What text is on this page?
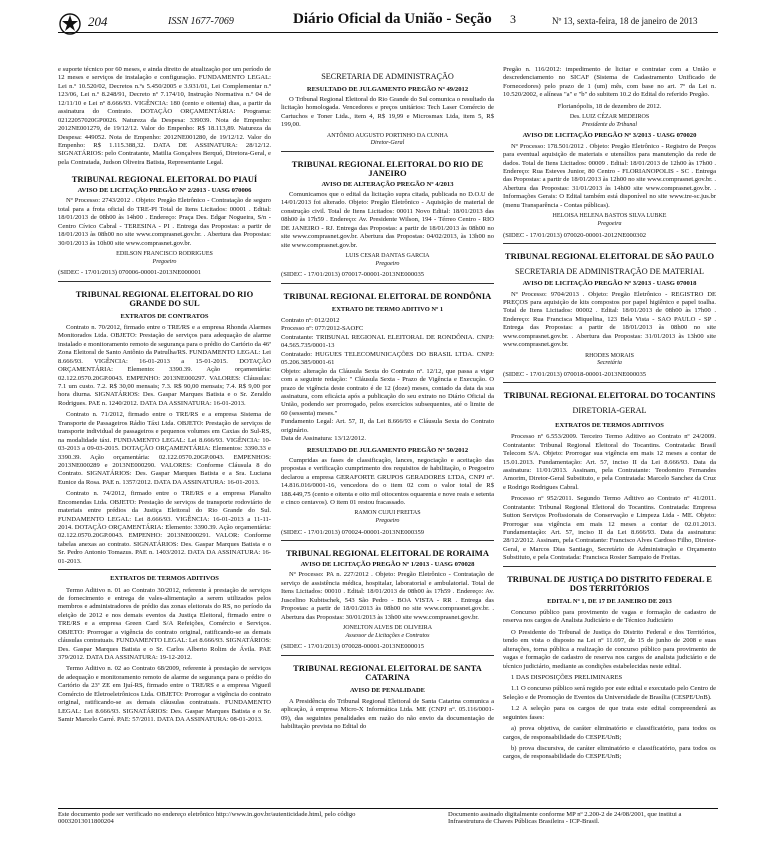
204	ISSN 1677-7069	Diário Oficial da União - Seção 3	Nº 13, sexta-feira, 18 de janeiro de 2013

e suporte técnico por 60 meses, e ainda direito de atualização por um período de 12 meses e serviços de instalação e configuração. FUNDAMENTO LEGAL: Lei n.º 10.520/02, Decretos n.ºs 5.450/2005 e 3.931/01, Lei Complementar n.º 123/06, Lei n.º 8.248/91, Decreto nº 7.174/10, Instrução Normativa n.º 04 de 12/11/10 e Lei nº 8.666/93. VIGÊNCIA: 180 (cento e oitenta) dias, a partir da assinatura do Contrato. DOTAÇÃO ORÇAMENTÁRIA: Programa: 02122057020GP0026. Natureza da Despesa: 339039. Nota de Empenho: 2012NE001279, de 19/12/12. Valor do Empenho: R$ 18.113,89. Natureza da Despesa: 449052. Nota de Empenho: 2012NE001280, de 19/12/12. Valor do Empenho: R$ 1.115.388,32. DATA DE ASSINATURA: 28/12/12. SIGNATÁRIOS: pelo Contratante, Matilia Gonçalves Berquó, Diretora-Geral, e pela Contratada, Judson Oliveira Batista, Representante Legal.

TRIBUNAL REGIONAL ELEITORAL DO PIAUÍ
AVISO DE LICITAÇÃO PREGÃO Nº 2/2013 - UASG 070006

Nº Processo: 2743/2012 . Objeto: Pregão Eletrônico - Contratação de seguro total para a frota oficial do TRE-PI Total de Itens Licitados: 00001 . Edital: 18/01/2013 de 08h00 às 14h00 . Endereço: Praça Des. Edgar Nogueira, S/n - Centro Cívico Cabral - TERESINA - PI . Entrega das Propostas: a partir de 18/01/2013 às 08h00 no site www.comprasnet.gov.br. . Abertura das Propostas: 30/01/2013 às 10h00 site www.comprasnet.gov.br.

EDILSON FRANCISCO RODRIGUES
Pregoeiro

(SIDEC - 17/01/2013) 070006-00001-2013NE000001

TRIBUNAL REGIONAL ELEITORAL DO RIO GRANDE DO SUL
EXTRATOS DE CONTRATOS

Contrato n. 70/2012, firmado entre o TRE/RS e a empresa Rhonda Alarmes Monitorados Ltda. OBJETO: Prestação de serviços para adequação de alarme instalado e monitoramento remoto de segurança para o prédio do Cartório da 46ª Zona Eleitoral de Santo Antônio da Patrulha/RS. FUNDAMENTO LEGAL: Lei 8.666/93. VIGÊNCIA: 16-01-2013 a 15-01-2015. DOTAÇÃO ORÇAMENTÁRIA: Elemento: 3390.39. Ação orçamentária: 02.122.0570.20GP.0043. EMPENHO: 2013NE000297. VALORES: Cláusulas: 7.1 um custo. 7.2. R$ 30,00 mensais; 7.3. R$ 90,00 mensais; 7.4. R$ 9,00 por hora diurna. SIGNATÁRIOS: Des. Gaspar Marques Batista e o Sr. Zeraldo Rodrigues. PAE n. 1240/2012. DATA DA ASSINATURA: 16-01-2013.

Contrato n. 71/2012, firmado entre o TRE/RS e a empresa Sistema de Transporte de Passageiros Rádio Táxi Ltda. OBJETO: Prestação de serviços de transporte individual de passageiros e pequenos volumes em Caxias do Sul-RS, na modalidade táxi. FUNDAMENTO LEGAL: Lei 8.666/93. VIGÊNCIA: 10-03-2013 a 09-03-2015. DOTAÇÃO ORÇAMENTÁRIA: Elementos: 3390.33 e 3390.39. Ação orçamentária: 02.122.0570.20GP.0043. EMPENHOS: 2013NE000289 e 2013NE000290. VALORES: Conforme Cláusula 8 do Contrato. SIGNATÁRIOS: Des. Gaspar Marques Batista e a Sra. Luciana Eunice da Rosa. PAE n. 1357/2012. DATA DA ASSINATURA: 16-01-2013.

Contrato n. 74/2012, firmado entre o TRE/RS e a empresa Planalto Encomendas Ltda. OBJETO: Prestação de serviços de transporte rodoviário de materiais entre prédios da Justiça Eleitoral do Rio Grande do Sul. FUNDAMENTO LEGAL: Lei 8.666/93. VIGÊNCIA: 16-01-2013 a 11-11-2014. DOTAÇÃO ORÇAMENTÁRIA: Elemento: 3390.39. Ação orçamentária: 02.122.0570.20GP.0043. EMPENHO: 2013NE000291. VALOR: Conforme tabelas anexas ao contrato. SIGNATÁRIOS: Des. Gaspar Marques Batista e o Sr. Pedro Antonio Tomazus. PAE n. 1403/2012. DATA DA ASSINATURA: 16-01-2013.

EXTRATOS DE TERMOS ADITIVOS

Termo Aditivo n. 01 ao Contrato 30/2012, referente à prestação de serviços de fornecimento e entrega de vales-alimentação a serem utilizados pelos membros e administradores de prédio das zonas eleitorais do RS, no período da eleição de 2012 e nos demais eventos da Justiça Eleitoral, firmado entre o TRE/RS e a empresa Green Card S/A Refeições, Comércio e Serviços. OBJETO: Prorrogar a vigência do contrato original, ratificando-se as demais cláusulas contratuais. FUNDAMENTO LEGAL: Lei 8.666/93. SIGNATÁRIOS: Des. Gaspar Marques Batista e o Sr. Carlos Alberto Rolim de Ávila. PAE 379/2012. DATA DA ASSINATURA: 19-12-2012.

Termo Aditivo n. 02 ao Contrato 68/2009, referente à prestação de serviços de adequação e monitoramento remoto de alarme de segurança para o prédio do Cartório da 23ª ZE em Ijuí-RS, firmado entre o TRE/RS e a empresa Vigueil Comércio de Eletroeletrônicos Ltda. OBJETO: Prorrogar a vigência do contrato original, ratificando-se as demais cláusulas contratuais. FUNDAMENTO LEGAL: Lei 8.666/93. SIGNATÁRIOS: Des. Gaspar Marques Batista e o Sr. Samir Marcelo Carré. PAE: 57/2011. DATA DA ASSINATURA: 08-01-2013.

SECRETARIA DE ADMINISTRAÇÃO
RESULTADO DE JULGAMENTO PREGÃO Nº 49/2012

O Tribunal Regional Eleitoral do Rio Grande do Sul comunica o resultado da licitação homologada. Vencedores e preços unitários: Tech Laser Comércio de Cartuchos e Toner Ltda., item 4, R$ 19,99 e Microsmax Ltda, item 5, R$ 199,00.

ANTÔNIO AUGUSTO PORTINHO DA CUNHA
Diretor-Geral
TRIBUNAL REGIONAL ELEITORAL DO RIO DE JANEIRO
AVISO DE ALTERAÇÃO PREGÃO Nº 4/2013

Comunicamos que o edital da licitação supra citada, publicada no D.O.U de 14/01/2013 foi alterado. Objeto: Pregão Eletrônico - Aquisição de material de construção civil. Total de Itens Licitados: 00011 Novo Edital: 18/01/2013 das 08h00 às 17h59 . Endereço: Av. Presidente Wilson, 194 - Térreo Centro - RIO DE JANEIRO - RJ. Entrega das Propostas: a partir de 18/01/2013 às 08h00 no site www.comprasnet.gov.br. Abertura das Propostas: 04/02/2013, às 13h00 no site www.comprasnet.gov.br.

LUIS CESAR DANTAS GARCIA
Pregoeiro

(SIDEC - 17/01/2013) 070017-00001-2013NE000035

TRIBUNAL REGIONAL ELEITORAL DE RONDÔNIA
EXTRATO DE TERMO ADITIVO Nº 1

Contrato nº: 012/2012
Processo nº: 077/2012-SAOFC
Contratante: TRIBUNAL REGIONAL ELEITORAL DE RONDÔNIA. CNPJ: 04.565.735/0001-13
Contratado: HUGUES TELECOMUNICAÇÕES DO BRASIL LTDA. CNPJ: 05.206.385/0001-61
Objeto: alteração da Cláusula Sexta do Contrato nº. 12/12, que passa a vigar com a seguinte redação: " Cláusula Sexta - Prazo de Vigência e Execução. O prazo de vigência deste contrato é de 12 (doze) meses, contado da data da sua assinatura, com eficácia após a publicação do seu extrato no Diário Oficial da União, podendo ser prorrogado, pelos exercícios subsequentes, até o limite de 60 (sessenta) meses."
Fundamento Legal: Art. 57, II, da Lei 8.666/93 e Cláusula Sexta do Contrato originário.
Data de Assinatura: 13/12/2012.

RESULTADO DE JULGAMENTO PREGÃO Nº 50/2012

Cumpridas as fases de classificação, lances, negociação e aceitação das propostas e verificação cumprimento dos requisitos de habilitação, o Pregoeiro declarou a empresa GERAFORTE GRUPOS GERADORES LTDA, CNPJ nº. 14.816.016/0001-16, vencedora do o item 02 com o valor total de R$ 188.449,75 (cento e oitenta e oito mil oitocentos oquarenta e nove reais e setenta e cinco centavos). O item 01 restou fracassado.

RAMON CUJUI FREITAS
Pregoeiro

(SIDEC - 17/01/2013) 070024-00001-2013NE000359

TRIBUNAL REGIONAL ELEITORAL DE RORAIMA
AVISO DE LICITAÇÃO PREGÃO Nº 1/2013 - UASG 070028

Nº Processo: PA n. 227/2012 . Objeto: Pregão Eletrônico - Contratação de serviço de assistência médica, hospitalar, laboratorial e ambulatorial. Total de Itens Licitados: 00010 . Edital: 18/01/2013 de 08h00 às 17h59 . Endereço: Av. Juscelino Kubitschek, 543 São Pedro - BOA VISTA - RR . Entrega das Propostas: a partir de 18/01/2013 às 08h00 no site www.comprasnet.gov.br. . Abertura das Propostas: 30/01/2013 às 13h00 site www.comprasnet.gov.br.

JONELTON ALVES DE OLIVEIRA
Assessor de Licitações e Contratos

(SIDEC - 17/01/2013) 070028-00001-2013NE000015

TRIBUNAL REGIONAL ELEITORAL DE SANTA CATARINA
AVISO DE PENALIDADE

A Presidência do Tribunal Regional Eleitoral de Santa Catarina comunica a aplicação, à empresa Micro-X Informática Ltda. ME (CNPJ nº. 05.116/0001-09), das seguintes penalidades em razão do não envio da documentação de habilitação prevista no Edital do

Pregão n. 116/2012: impedimento de licitar e contratar com a União e descredenciamento no SICAF (Sistema de Cadastramento Unificado de Fornecedores) pelo prazo de 1 (um) mês, com base no art. 7º da Lei n. 10.520/2002, e alíneas "a" e "b" do subitem 10.2 do Edital do referido Pregão.

Florianópolis, 18 de dezembro de 2012.

Des. LUIZ CÉZAR MEDEIROS
Presidente do Tribunal
AVISO DE LICITAÇÃO PREGÃO Nº 3/2013 - UASG 070020

Nº Processo: 178.501/2012 . Objeto: Pregão Eletrônico - Registro de Preços para eventual aquisição de materiais e utensílios para manutenção da rede de dados. Total de Itens Licitados: 00009 . Edital: 18/01/2013 de 12h00 às 17h00 . Endereço: Rua Esteves Junior, 80 Centro - FLORIANOPOLIS - SC . Entrega das Propostas: a partir de 18/01/2013 às 12h00 no site www.comprasnet.gov.br. . Abertura das Propostas: 31/01/2013 às 14h00 site www.comprasnet.gov.br. . Informações Gerais: O Edital também está disponível no site www.tre-sc.jus.br (menu Transparência - Contas públicas).

HELOISA HELENA BASTOS SILVA LUBKE
Pregoeira

(SIDEC - 17/01/2013) 070020-00001-2012NE000302

TRIBUNAL REGIONAL ELEITORAL DE SÃO PAULO
SECRETARIA DE ADMINISTRAÇÃO DE MATERIAL
AVISO DE LICITAÇÃO PREGÃO Nº 3/2013 - UASG 070018

Nº Processo: 9704/2013 . Objeto: Pregão Eletrônico - REGISTRO DE PREÇOS para aquisição de kits compostos por papel higiênico e papel toalha. Total de Itens Licitados: 00002 . Edital: 18/01/2013 de 08h00 às 17h00 . Endereço: Rua Francisca Miquelina, 123 Bela Vista - SAO PAULO - SP . Entrega das Propostas: a partir de 18/01/2013 às 08h00 no site www.comprasnet.gov.br. . Abertura das Propostas: 31/01/2013 às 13h00 site www.comprasnet.gov.br.

RHODES MORAIS
Secretária

(SIDEC - 17/01/2013) 070018-00001-2013NE000035

TRIBUNAL REGIONAL ELEITORAL DO TOCANTINS
DIRETORIA-GERAL
EXTRATOS DE TERMOS ADITIVOS

Processo nº 6.553/2009. Terceiro Termo Aditivo ao Contrato nº 24/2009. Contratante: Tribunal Regional Eleitoral do Tocantins. Contratada: Brasil Telecom S/A. Objeto: Prorrogar sua vigência em mais 12 meses a contar de 15.01.2013. Fundamentação: Art. 57, inciso II da Lei 8.666/93. Data da assinatura: 11/01/2013. Assinam, pela Contratante: Teodomiro Fernandes Amorim, Diretor-Geral Substituto, e pela Contratada: Marcelo Sanchez da Cruz e Rodrigo Rodrigues Cabral.

Processo nº 952/2011. Segundo Termo Aditivo ao Contrato nº 41/2011. Contratante: Tribunal Regional Eleitoral do Tocantins. Contratada: Empresa Sutton Serviços Profissionais de Conservação e Limpeza Ltda - ME. Objeto: Prorrogar sua vigência em mais 12 meses a contar de 02.01.2013. Fundamentação: Art. 57, inciso II da Lei 8.666/93. Data da assinatura: 28/12/2012. Assinam, pela Contratante: Francisco Alves Cardoso Filho, Diretor-Geral, e Marcos Dias Santiago, Secretário de Administração e Orçamento Substituto, e pela Contratada: Francisca Rosier Sampaio de Freitas.

TRIBUNAL DE JUSTIÇA DO DISTRITO FEDERAL E DOS TERRITÓRIOS
EDITAL Nº 1, DE 17 DE JANEIRO DE 2013

Concurso público para provimento de vagas e formação de cadastro de reserva nos cargos de Analista Judiciário e de Técnico Judiciário

O Presidente do Tribunal de Justiça do Distrito Federal e dos Territórios, tendo em vista o disposto na Lei nº 11.697, de 15 de junho de 2008 e suas alterações, torna pública a realização de concurso público para provimento de vagas e formação de cadastro de reserva nos cargos de analista judiciário e de técnico judiciário, mediante as condições estabelecidas neste edital.

1 DAS DISPOSIÇÕES PRELIMINARES

1.1 O concurso público será regido por este edital e executado pelo Centro de Seleção e de Promoção de Eventos da Universidade de Brasília (CESPE/UnB).

1.2 A seleção para os cargos de que trata este edital compreenderá as seguintes fases:

a) prova objetiva, de caráter eliminatório e classificatório, para todos os cargos, de responsabilidade do CESPE/UnB;

b) prova discursiva, de caráter eliminatório e classificatório, para todos os cargos, de responsabilidade do CESPE/UnB;

Este documento pode ser verificado no endereço eletrônico http://www.in.gov.br/autenticidade.html, pelo código 00032013011800204
Documento assinado digitalmente conforme MP nº 2.200-2 de 24/08/2001, que institui a Infraestrutura de Chaves Públicas Brasileira - ICP-Brasil.
